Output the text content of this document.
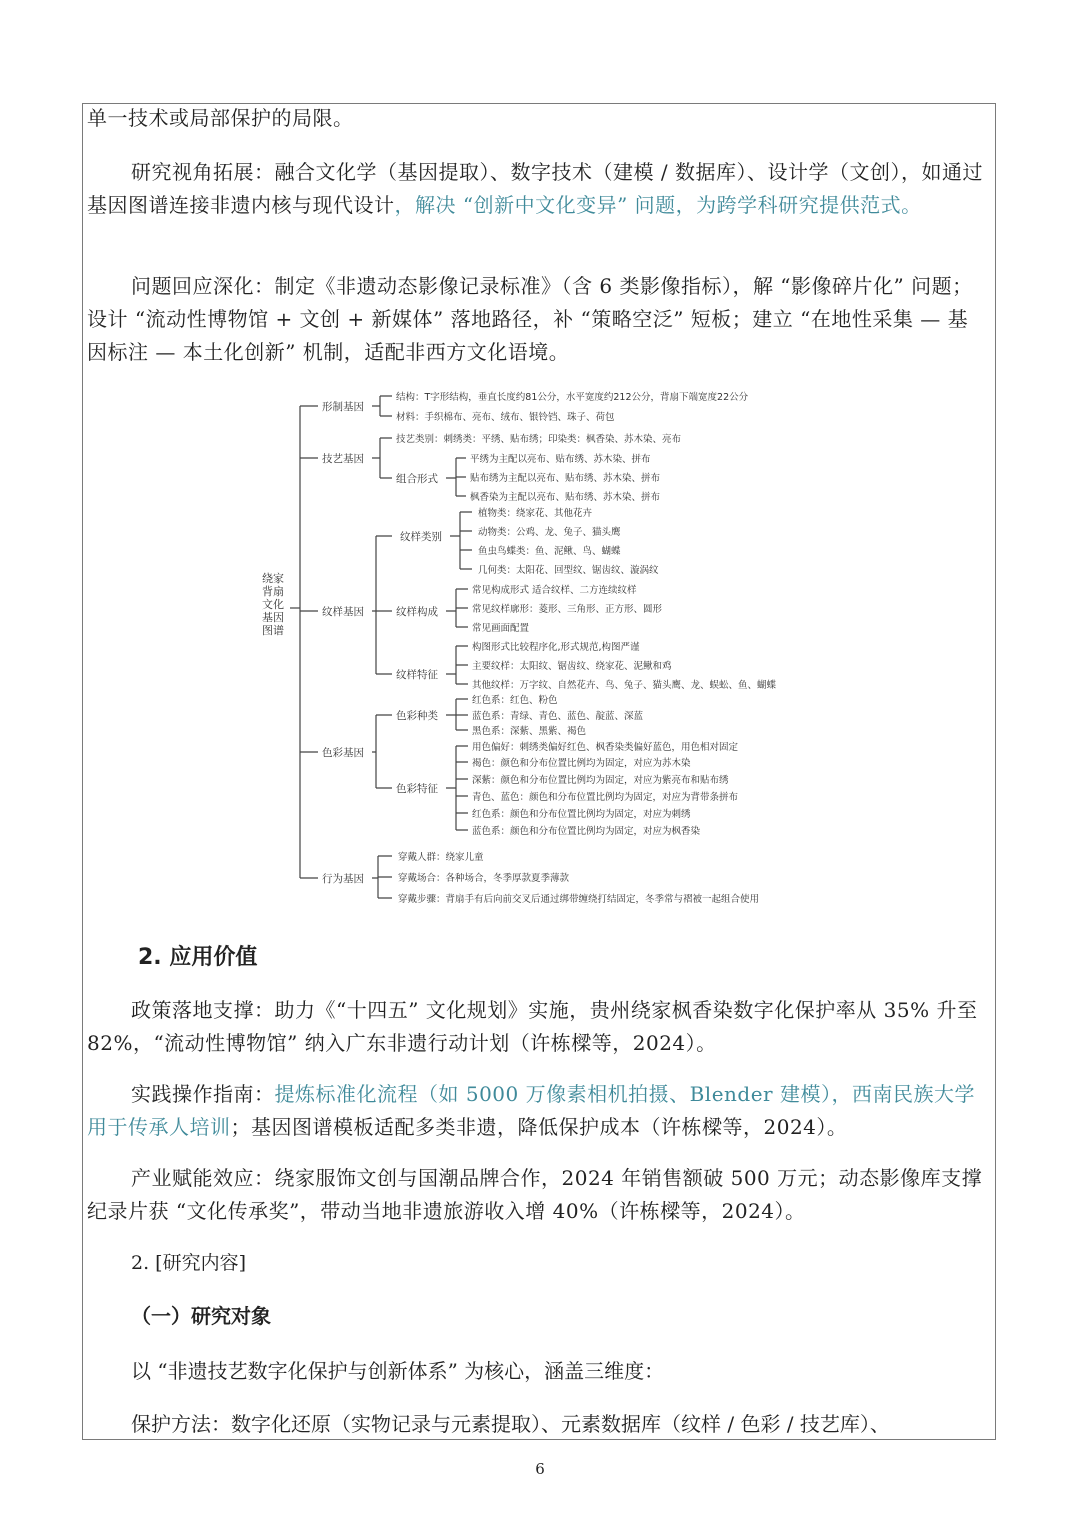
单一技术或局部保护的局限。

研究视角拓展：融合文化学（基因提取）、数字技术（建模 / 数据库）、设计学（文创），如通过基因图谱连接非遗内核与现代设计，解决 “创新中文化变异” 问题，为跨学科研究提供范式。

问题回应深化：制定《非遗动态影像记录标准》（含 6 类影像指标），解 “影像碎片化” 问题；设计 “流动性博物馆 + 文创 + 新媒体” 落地路径，补 “策略空泛” 短板；建立 “在地性采集 — 基因标注 — 本土化创新” 机制，适配非西方文化语境。

绕家
背扇
文化
基因
图谱
形制基因
结构：T字形结构，垂直长度约81公分，水平宽度约212公分，背扇下端宽度22公分
材料：手织棉布、亮布、绒布、银铃铛、珠子、荷包
技艺基因
技艺类别：刺绣类：平绣、贴布绣；印染类：枫香染、苏木染、亮布
组合形式
平绣为主配以亮布、贴布绣、苏木染、拼布
贴布绣为主配以亮布、贴布绣、苏木染、拼布
枫香染为主配以亮布、贴布绣、苏木染、拼布
纹样基因
纹样类别
植物类：绕家花、其他花卉
动物类：公鸡、龙、兔子、猫头鹰
鱼虫鸟蝶类：鱼、泥鳅、鸟、蝴蝶
几何类：太阳花、回型纹、锯齿纹、漩涡纹
纹样构成
常见构成形式 适合纹样、二方连续纹样
常见纹样廓形：菱形、三角形、正方形、圆形
常见画面配置
纹样特征
构图形式比较程序化,形式规范,构图严谨
主要纹样：太阳纹、锯齿纹、绕家花、泥鳅和鸡
其他纹样：万字纹、自然花卉、鸟、兔子、猫头鹰、龙、蜈蚣、鱼、蝴蝶
色彩基因
色彩种类
红色系：红色、粉色
蓝色系：青绿、青色、蓝色、靛蓝、深蓝
黑色系：深紫、黑紫、褐色
色彩特征
用色偏好：刺绣类偏好红色、枫香染类偏好蓝色，用色相对固定
褐色：颜色和分布位置比例均为固定，对应为苏木染
深紫：颜色和分布位置比例均为固定，对应为紫亮布和贴布绣
青色、蓝色：颜色和分布位置比例均为固定，对应为背带条拼布
红色系：颜色和分布位置比例均为固定，对应为刺绣
蓝色系：颜色和分布位置比例均为固定，对应为枫香染
行为基因
穿戴人群：绕家儿童
穿戴场合：各种场合，冬季厚款夏季薄款
穿戴步骤：背扇手有后向前交叉后通过绑带缠绕打结固定，冬季常与褶被一起组合使用
2. 应用价值

政策落地支撑：助力《“十四五” 文化规划》实施，贵州绕家枫香染数字化保护率从 35% 升至 82%，“流动性博物馆” 纳入广东非遗行动计划（许栋樑等，2024）。

实践操作指南：提炼标准化流程（如 5000 万像素相机拍摄、Blender 建模），西南民族大学用于传承人培训；基因图谱模板适配多类非遗，降低保护成本（许栋樑等，2024）。

产业赋能效应：绕家服饰文创与国潮品牌合作，2024 年销售额破 500 万元；动态影像库支撑纪录片获 “文化传承奖”，带动当地非遗旅游收入增 40%（许栋樑等，2024）。

2. [研究内容]

（一）研究对象

以 “非遗技艺数字化保护与创新体系” 为核心，涵盖三维度：

保护方法：数字化还原（实物记录与元素提取）、元素数据库（纹样 / 色彩 / 技艺库）、

6
